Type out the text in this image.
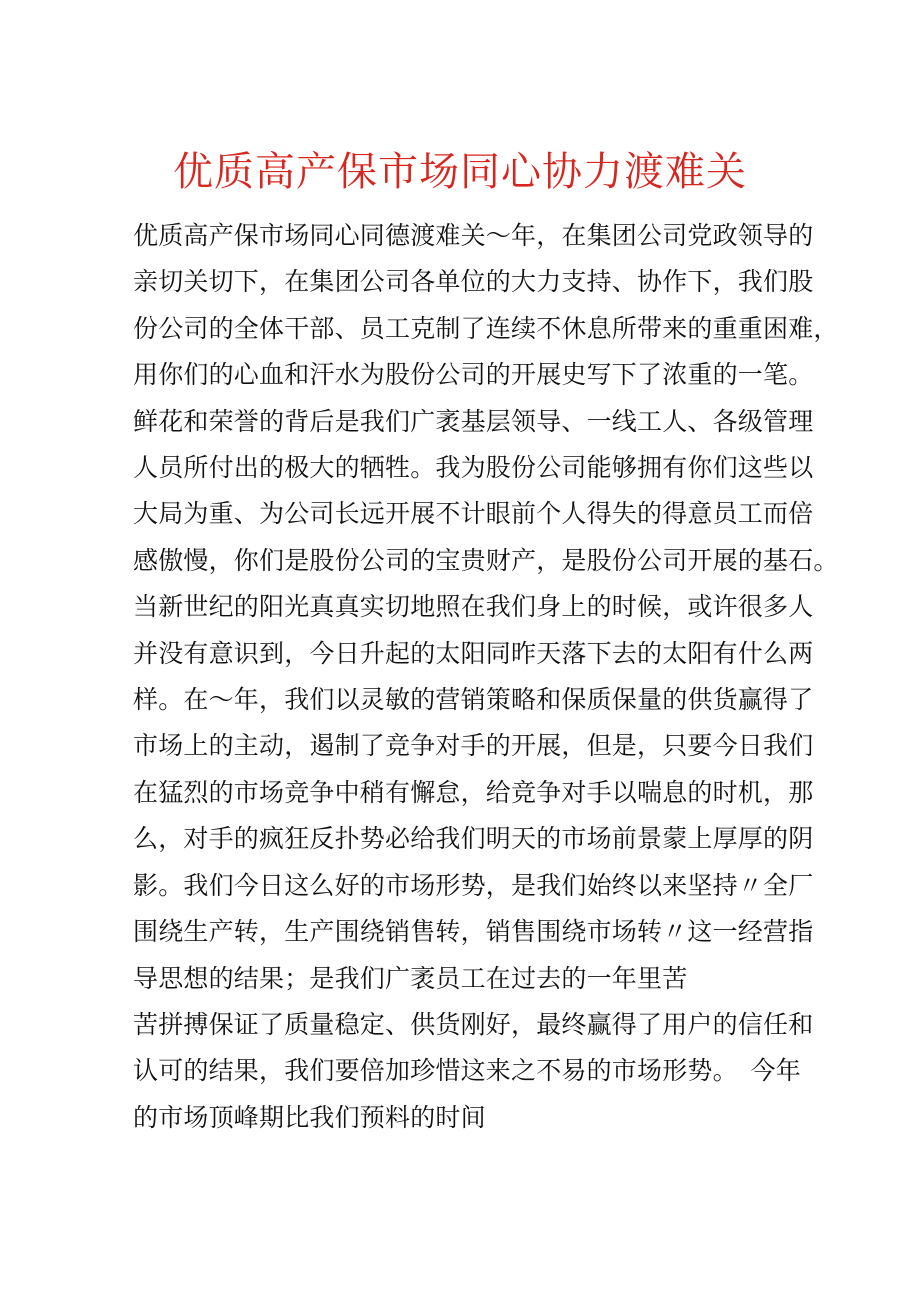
优质高产保市场同心协力渡难关
优质高产保市场同心同德渡难关〜年，在集团公司党政领导的
亲切关切下，在集团公司各单位的大力支持、协作下，我们股
份公司的全体干部、员工克制了连续不休息所带来的重重困难，
用你们的心血和汗水为股份公司的开展史写下了浓重的一笔。
鲜花和荣誉的背后是我们广袤基层领导、一线工人、各级管理
人员所付出的极大的牺牲。我为股份公司能够拥有你们这些以
大局为重、为公司长远开展不计眼前个人得失的得意员工而倍
感傲慢，你们是股份公司的宝贵财产，是股份公司开展的基石。
当新世纪的阳光真真实切地照在我们身上的时候，或许很多人
并没有意识到，今日升起的太阳同昨天落下去的太阳有什么两
样。在〜年，我们以灵敏的营销策略和保质保量的供货赢得了
市场上的主动，遏制了竞争对手的开展，但是，只要今日我们
在猛烈的市场竞争中稍有懈怠，给竞争对手以喘息的时机，那
么，对手的疯狂反扑势必给我们明天的市场前景蒙上厚厚的阴
影。我们今日这么好的市场形势，是我们始终以来坚持〃全厂
围绕生产转，生产围绕销售转，销售围绕市场转〃这一经营指
导思想的结果；是我们广袤员工在过去的一年里苦
苦拼搏保证了质量稳定、供货刚好，最终赢得了用户的信任和
认可的结果，我们要倍加珍惜这来之不易的市场形势。　今年
的市场顶峰期比我们预料的时间
